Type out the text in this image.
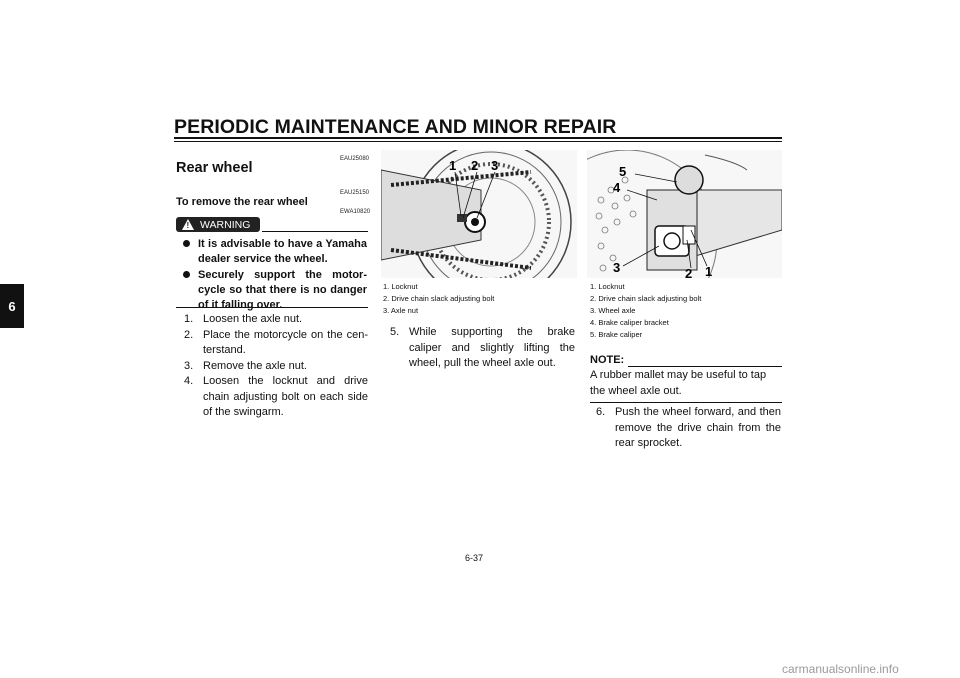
PERIODIC MAINTENANCE AND MINOR REPAIR
6
EAU25080
Rear wheel
EAU25150
To remove the rear wheel
EWA10820
! WARNING
It is advisable to have a Yamaha dealer service the wheel.
Securely support the motor-cycle so that there is no danger of it falling over.
1. Loosen the axle nut.
2. Place the motorcycle on the cen-terstand.
3. Remove the axle nut.
4. Loosen the locknut and drive chain adjusting bolt on each side of the swingarm.
1 2 3
1. Locknut
2. Drive chain slack adjusting bolt
3. Axle nut
5. While supporting the brake caliper and slightly lifting the wheel, pull the wheel axle out.
5
4
3	2 1
1. Locknut
2. Drive chain slack adjusting bolt
3. Wheel axle
4. Brake caliper bracket
5. Brake caliper
NOTE:
A rubber mallet may be useful to tap the wheel axle out.
6. Push the wheel forward, and then remove the drive chain from the rear sprocket.
6-37
carmanualsonline.info
